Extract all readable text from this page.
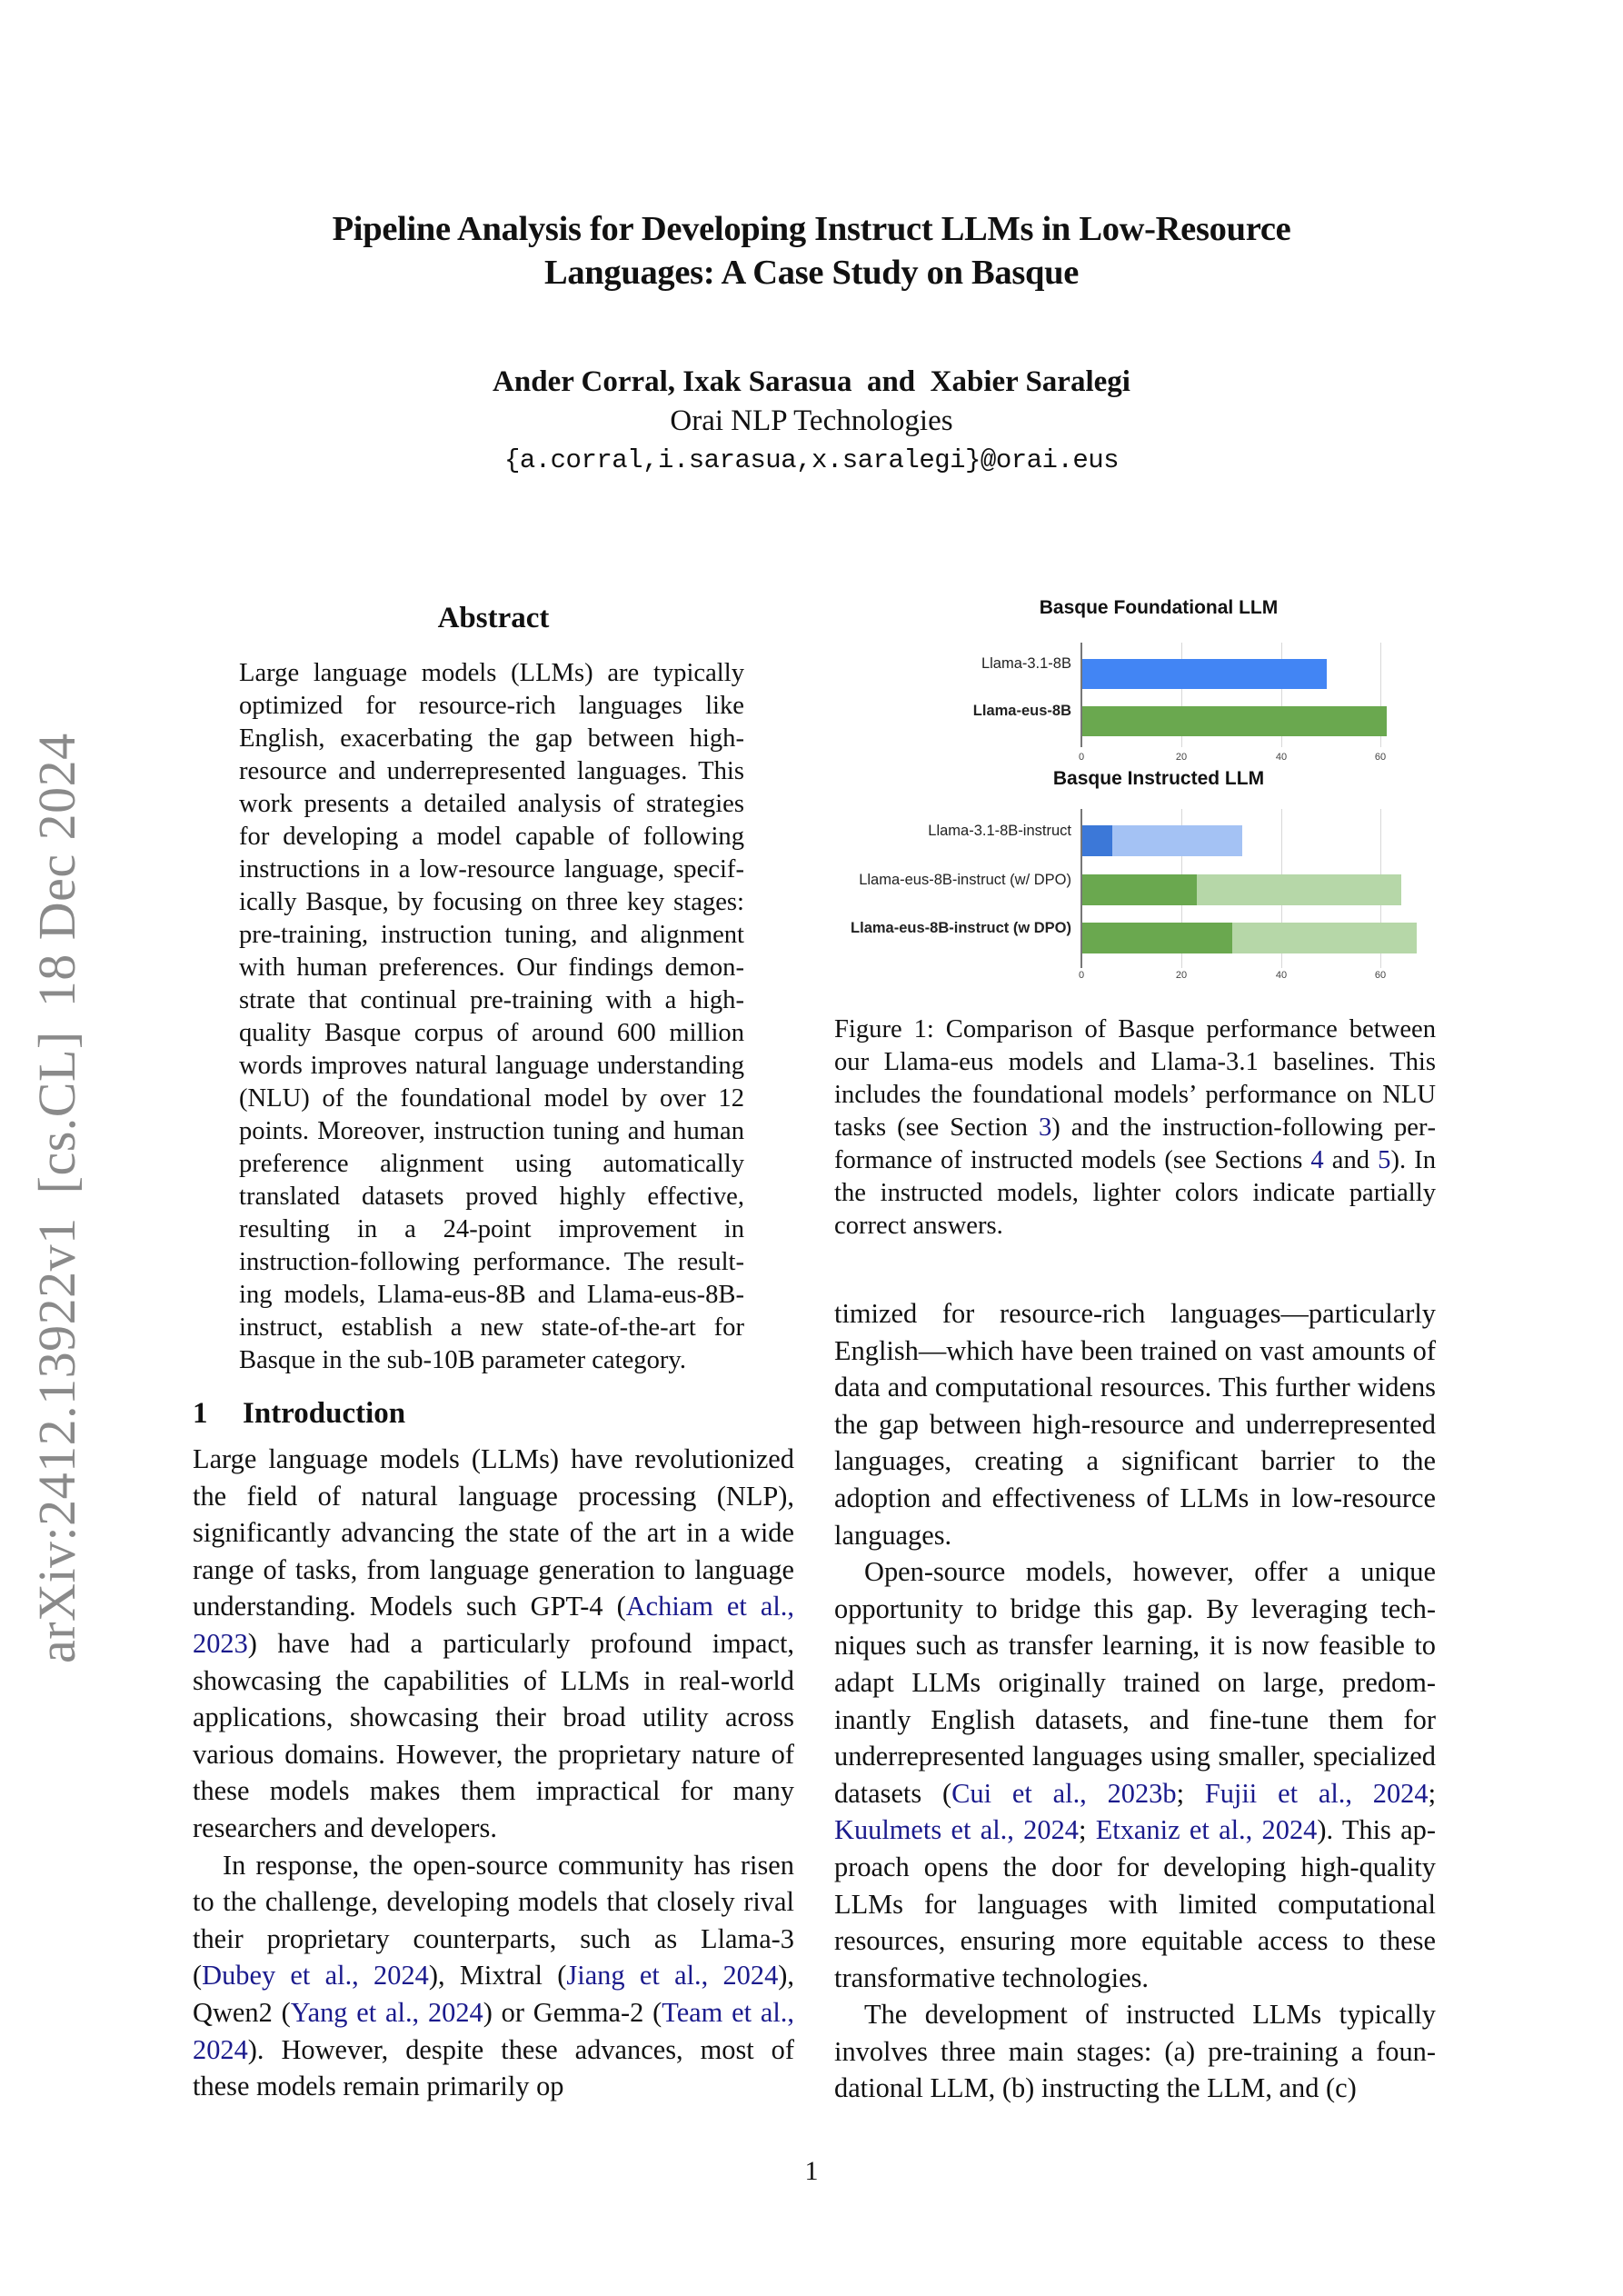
arXiv:2412.13922v1[cs.CL]18 Dec 2024
Pipeline Analysis for Developing Instruct LLMs in Low-Resource
Languages: A Case Study on Basque
Ander Corral, Ixak Sarasua  and  Xabier Saralegi
Orai NLP Technologies
{a.corral,i.sarasua,x.saralegi}@orai.eus
Abstract
Large language models (LLMs) are typically optimized for resource-rich languages like English, exacerbating the gap between high-resource and underrepresented languages. This work presents a detailed analysis of strategies for developing a model capable of following instructions in a low-resource language, specifically Basque, by focusing on three key stages: pre-training, instruction tuning, and alignment with human preferences. Our findings demonstrate that continual pre-training with a high-quality Basque corpus of around 600 million words improves natural language understanding (NLU) of the foundational model by over 12 points. Moreover, instruction tuning and human preference alignment using automatically translated datasets proved highly effective, resulting in a 24-point improvement in instruction-following performance. The resulting models, Llama-eus-8B and Llama-eus-8B-instruct, establish a new state-of-the-art for Basque in the sub-10B parameter category.
1 Introduction

Large language models (LLMs) have revolutionized the field of natural language processing (NLP), significantly advancing the state of the art in a wide range of tasks, from language generation to language understanding. Models such GPT-4 (Achiam et al., 2023) have had a particularly profound impact, showcasing the capabilities of LLMs in real-world applications, showcasing their broad utility across various domains. However, the proprietary nature of these models makes them impractical for many researchers and developers.

In response, the open-source community has risen to the challenge, developing models that closely rival their proprietary counterparts, such as Llama-3 (Dubey et al., 2024), Mixtral (Jiang et al., 2024), Qwen2 (Yang et al., 2024) or Gemma-2 (Team et al., 2024). However, despite these advances, most of these models remain primarily op

Basque Foundational LLM
Llama-3.1-8B
Llama-eus-8B
0	20	40	60
Basque Instructed LLM
Llama-3.1-8B-instruct
Llama-eus-8B-instruct (w/ DPO)
Llama-eus-8B-instruct (w DPO)
0	20	40	60
Figure 1: Comparison of Basque performance between our Llama-eus models and Llama-3.1 baselines. This includes the foundational models’ performance on NLU tasks (see Section 3) and the instruction-following performance of instructed models (see Sections 4 and 5). In the instructed models, lighter colors indicate partially correct answers.

timized for resource-rich languages—particularly English—which have been trained on vast amounts of data and computational resources. This further widens the gap between high-resource and underrepresented languages, creating a significant barrier to the adoption and effectiveness of LLMs in low-resource languages.

Open-source models, however, offer a unique opportunity to bridge this gap. By leveraging techniques such as transfer learning, it is now feasible to adapt LLMs originally trained on large, predominantly English datasets, and fine-tune them for underrepresented languages using smaller, specialized datasets (Cui et al., 2023b; Fujii et al., 2024; Kuulmets et al., 2024; Etxaniz et al., 2024). This approach opens the door for developing high-quality LLMs for languages with limited computational resources, ensuring more equitable access to these transformative technologies.

The development of instructed LLMs typically involves three main stages: (a) pre-training a foundational LLM, (b) instructing the LLM, and (c)

1
